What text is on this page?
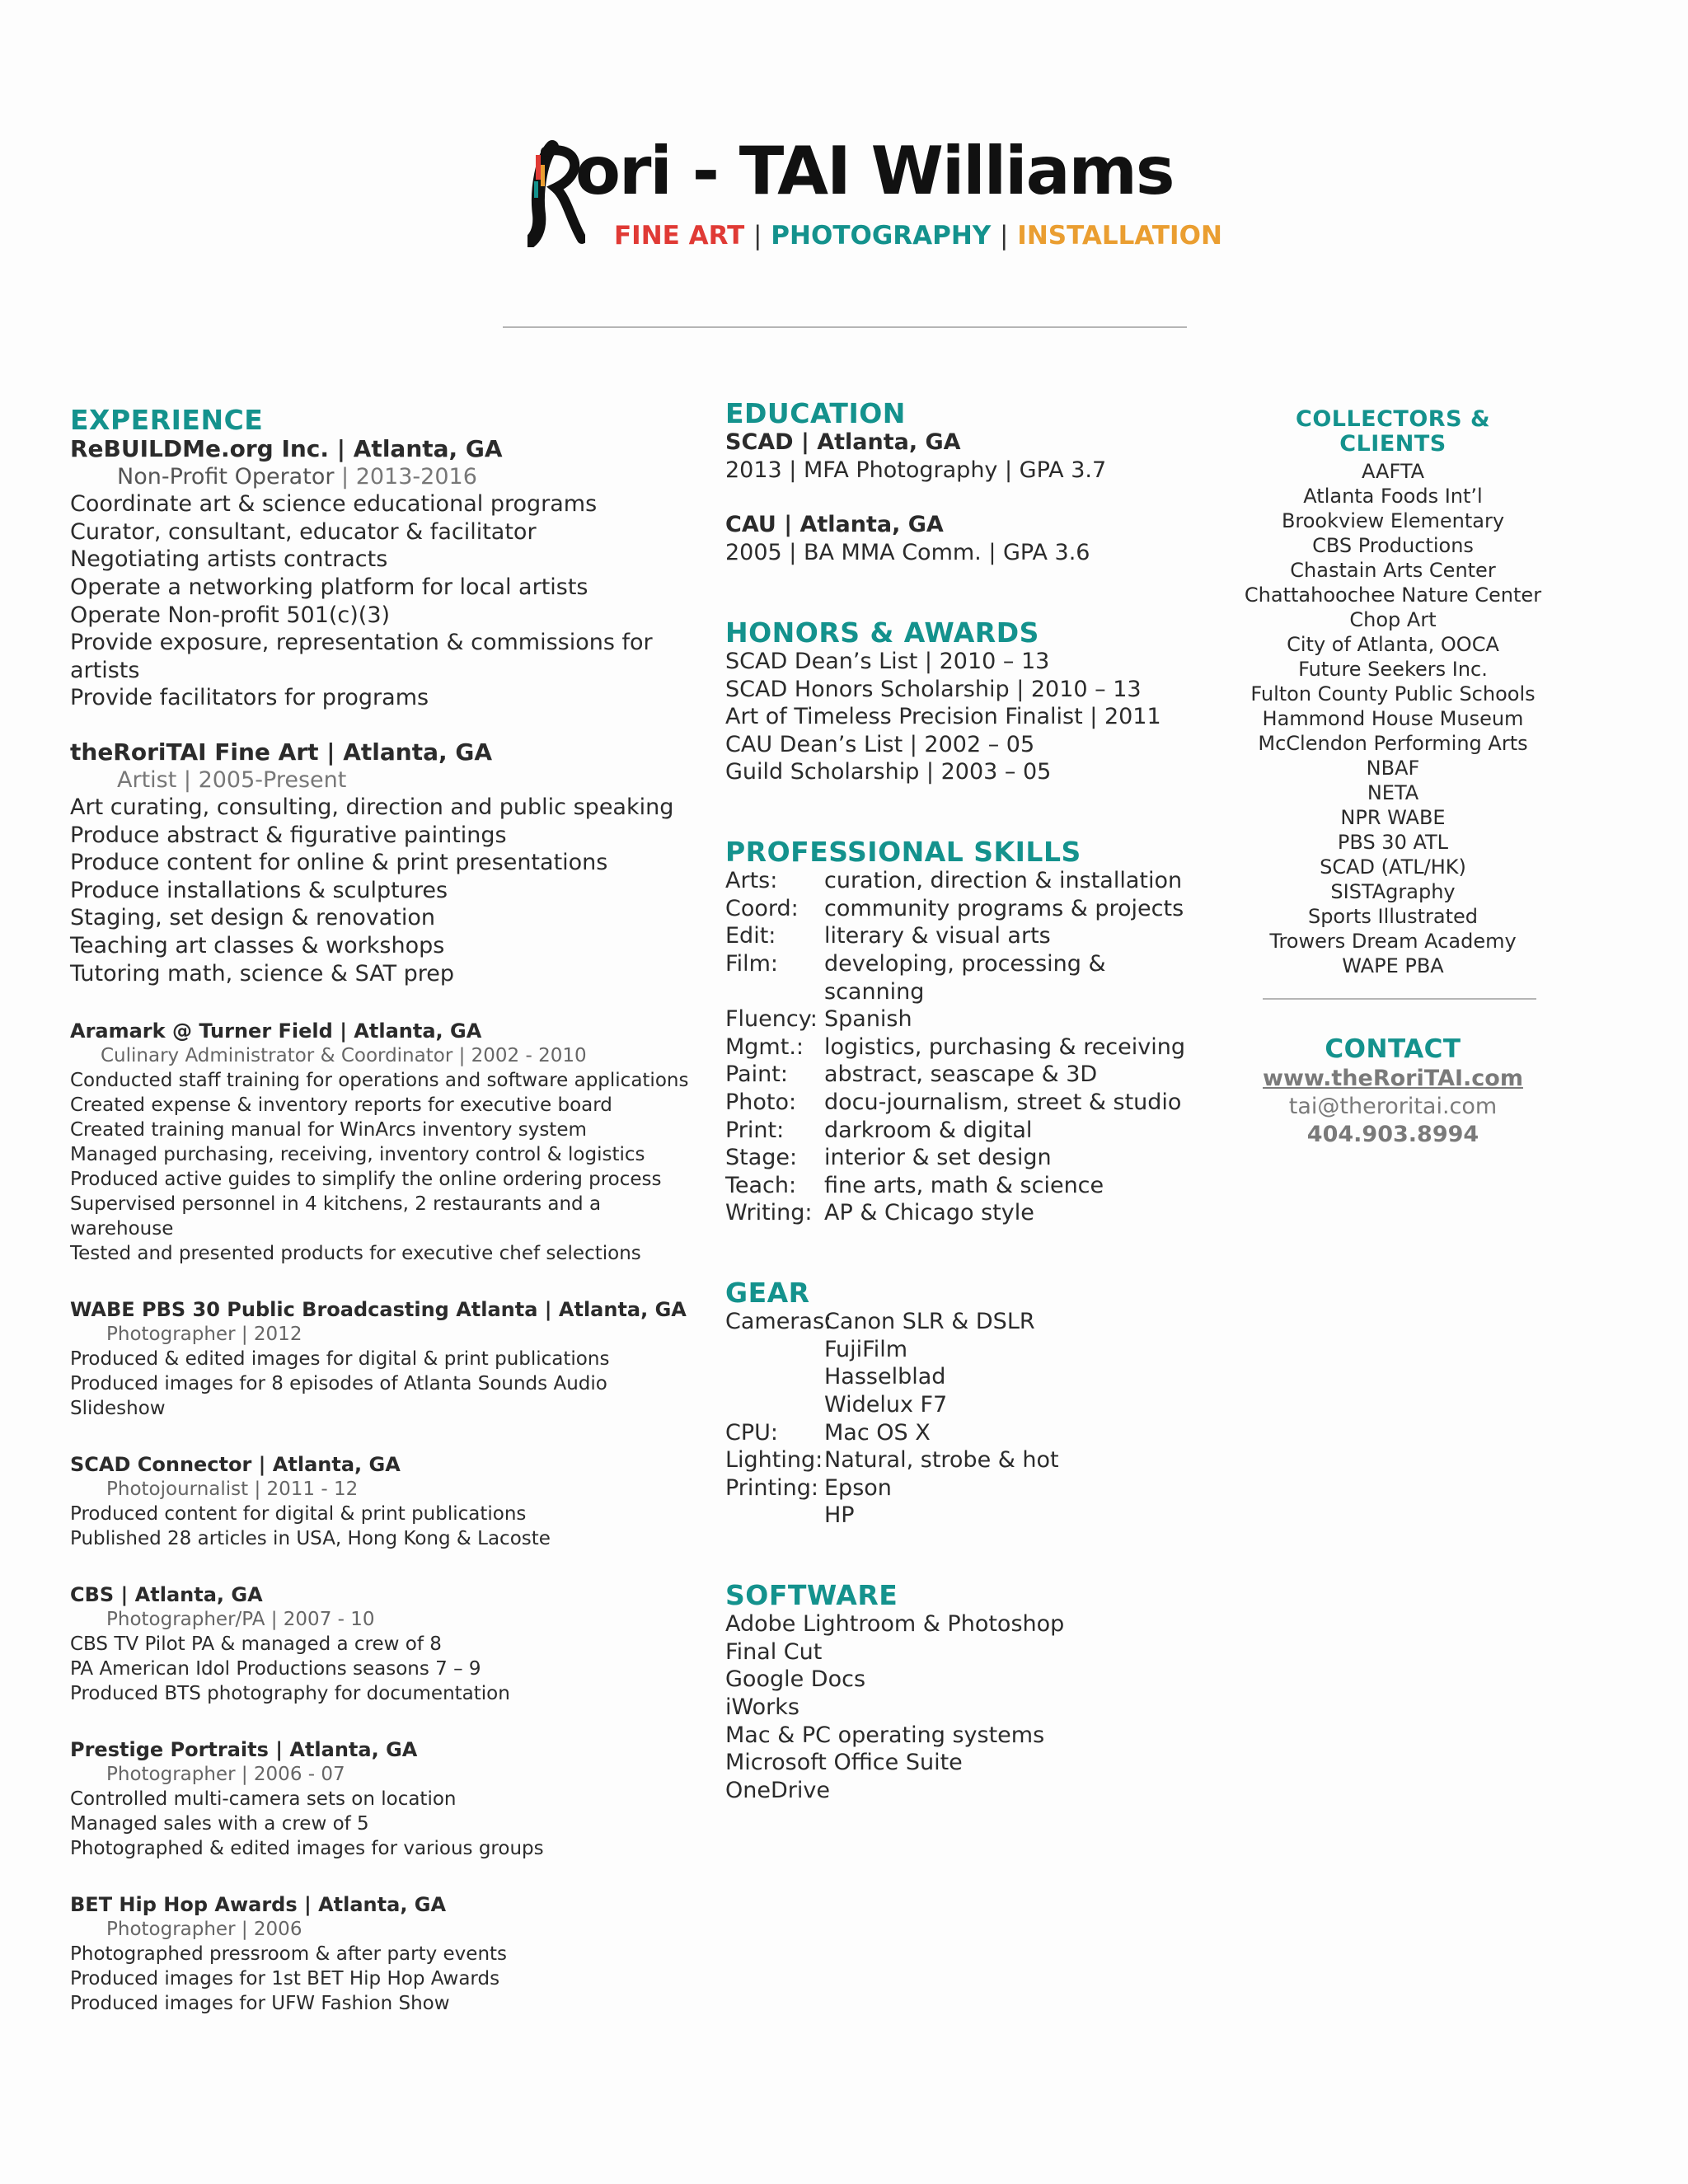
ori - TAI Williams
FINE ART | PHOTOGRAPHY | INSTALLATION
EXPERIENCE

ReBUILDMe.org Inc. | Atlanta, GA

Non-Profit Operator | 2013-2016

Coordinate art & science educational programs

Curator, consultant, educator & facilitator

Negotiating artists contracts

Operate a networking platform for local artists

Operate Non-profit 501(c)(3)

Provide exposure, representation & commissions for artists

Provide facilitators for programs

theRoriTAI Fine Art | Atlanta, GA

Artist | 2005-Present

Art curating, consulting, direction and public speaking

Produce abstract & figurative paintings

Produce content for online & print presentations

Produce installations & sculptures

Staging, set design & renovation

Teaching art classes & workshops

Tutoring math, science & SAT prep

Aramark @ Turner Field | Atlanta, GA

Culinary Administrator & Coordinator | 2002 - 2010

Conducted staff training for operations and software applications

Created expense & inventory reports for executive board

Created training manual for WinArcs inventory system

Managed purchasing, receiving, inventory control & logistics

Produced active guides to simplify the online ordering process

Supervised personnel in 4 kitchens, 2 restaurants and a warehouse

Tested and presented products for executive chef selections

WABE PBS 30 Public Broadcasting Atlanta | Atlanta, GA

Photographer | 2012

Produced & edited images for digital & print publications

Produced images for 8 episodes of Atlanta Sounds Audio Slideshow

SCAD Connector | Atlanta, GA

Photojournalist | 2011 - 12

Produced content for digital & print publications

Published 28 articles in USA, Hong Kong & Lacoste

CBS | Atlanta, GA

Photographer/PA | 2007 - 10

CBS TV Pilot PA & managed a crew of 8

PA American Idol Productions seasons 7 – 9

Produced BTS photography for documentation

Prestige Portraits | Atlanta, GA

Photographer | 2006 - 07

Controlled multi-camera sets on location

Managed sales with a crew of 5

Photographed & edited images for various groups

BET Hip Hop Awards | Atlanta, GA

Photographer | 2006

Photographed pressroom & after party events

Produced images for 1st BET Hip Hop Awards

Produced images for UFW Fashion Show

EDUCATION

SCAD | Atlanta, GA

2013 | MFA Photography | GPA 3.7

CAU | Atlanta, GA

2005 | BA MMA Comm. | GPA 3.6

HONORS & AWARDS

SCAD Dean’s List | 2010 – 13

SCAD Honors Scholarship | 2010 – 13

Art of Timeless Precision Finalist | 2011

CAU Dean’s List | 2002 – 05

Guild Scholarship | 2003 – 05

PROFESSIONAL SKILLS
Arts:	curation, direction & installation
Coord:	community programs & projects
Edit:	literary & visual arts
Film:	developing, processing & scanning
Fluency: Spanish
Mgmt.: logistics, purchasing & receiving
Paint:	abstract, seascape & 3D
Photo:	docu-journalism, street & studio
Print:	darkroom & digital
Stage:	interior & set design
Teach:	fine arts, math & science
Writing: AP & Chicago style
GEAR
Cameras:
Canon SLR & DSLR
FujiFilm
Hasselblad
Widelux F7
CPU:	Mac OS X
Lighting: Natural, strobe & hot
Printing: Epson
HP
SOFTWARE

Adobe Lightroom & Photoshop

Final Cut

Google Docs

iWorks

Mac & PC operating systems

Microsoft Office Suite

OneDrive

COLLECTORS & CLIENTS

AAFTA

Atlanta Foods Int’l

Brookview Elementary

CBS Productions

Chastain Arts Center

Chattahoochee Nature Center

Chop Art

City of Atlanta, OOCA

Future Seekers Inc.

Fulton County Public Schools

Hammond House Museum

McClendon Performing Arts

NBAF

NETA

NPR WABE

PBS 30 ATL

SCAD (ATL/HK)

SISTAgraphy

Sports Illustrated

Trowers Dream Academy

WAPE PBA

CONTACT

www.theRoriTAI.com

tai@theroritai.com

404.903.8994
